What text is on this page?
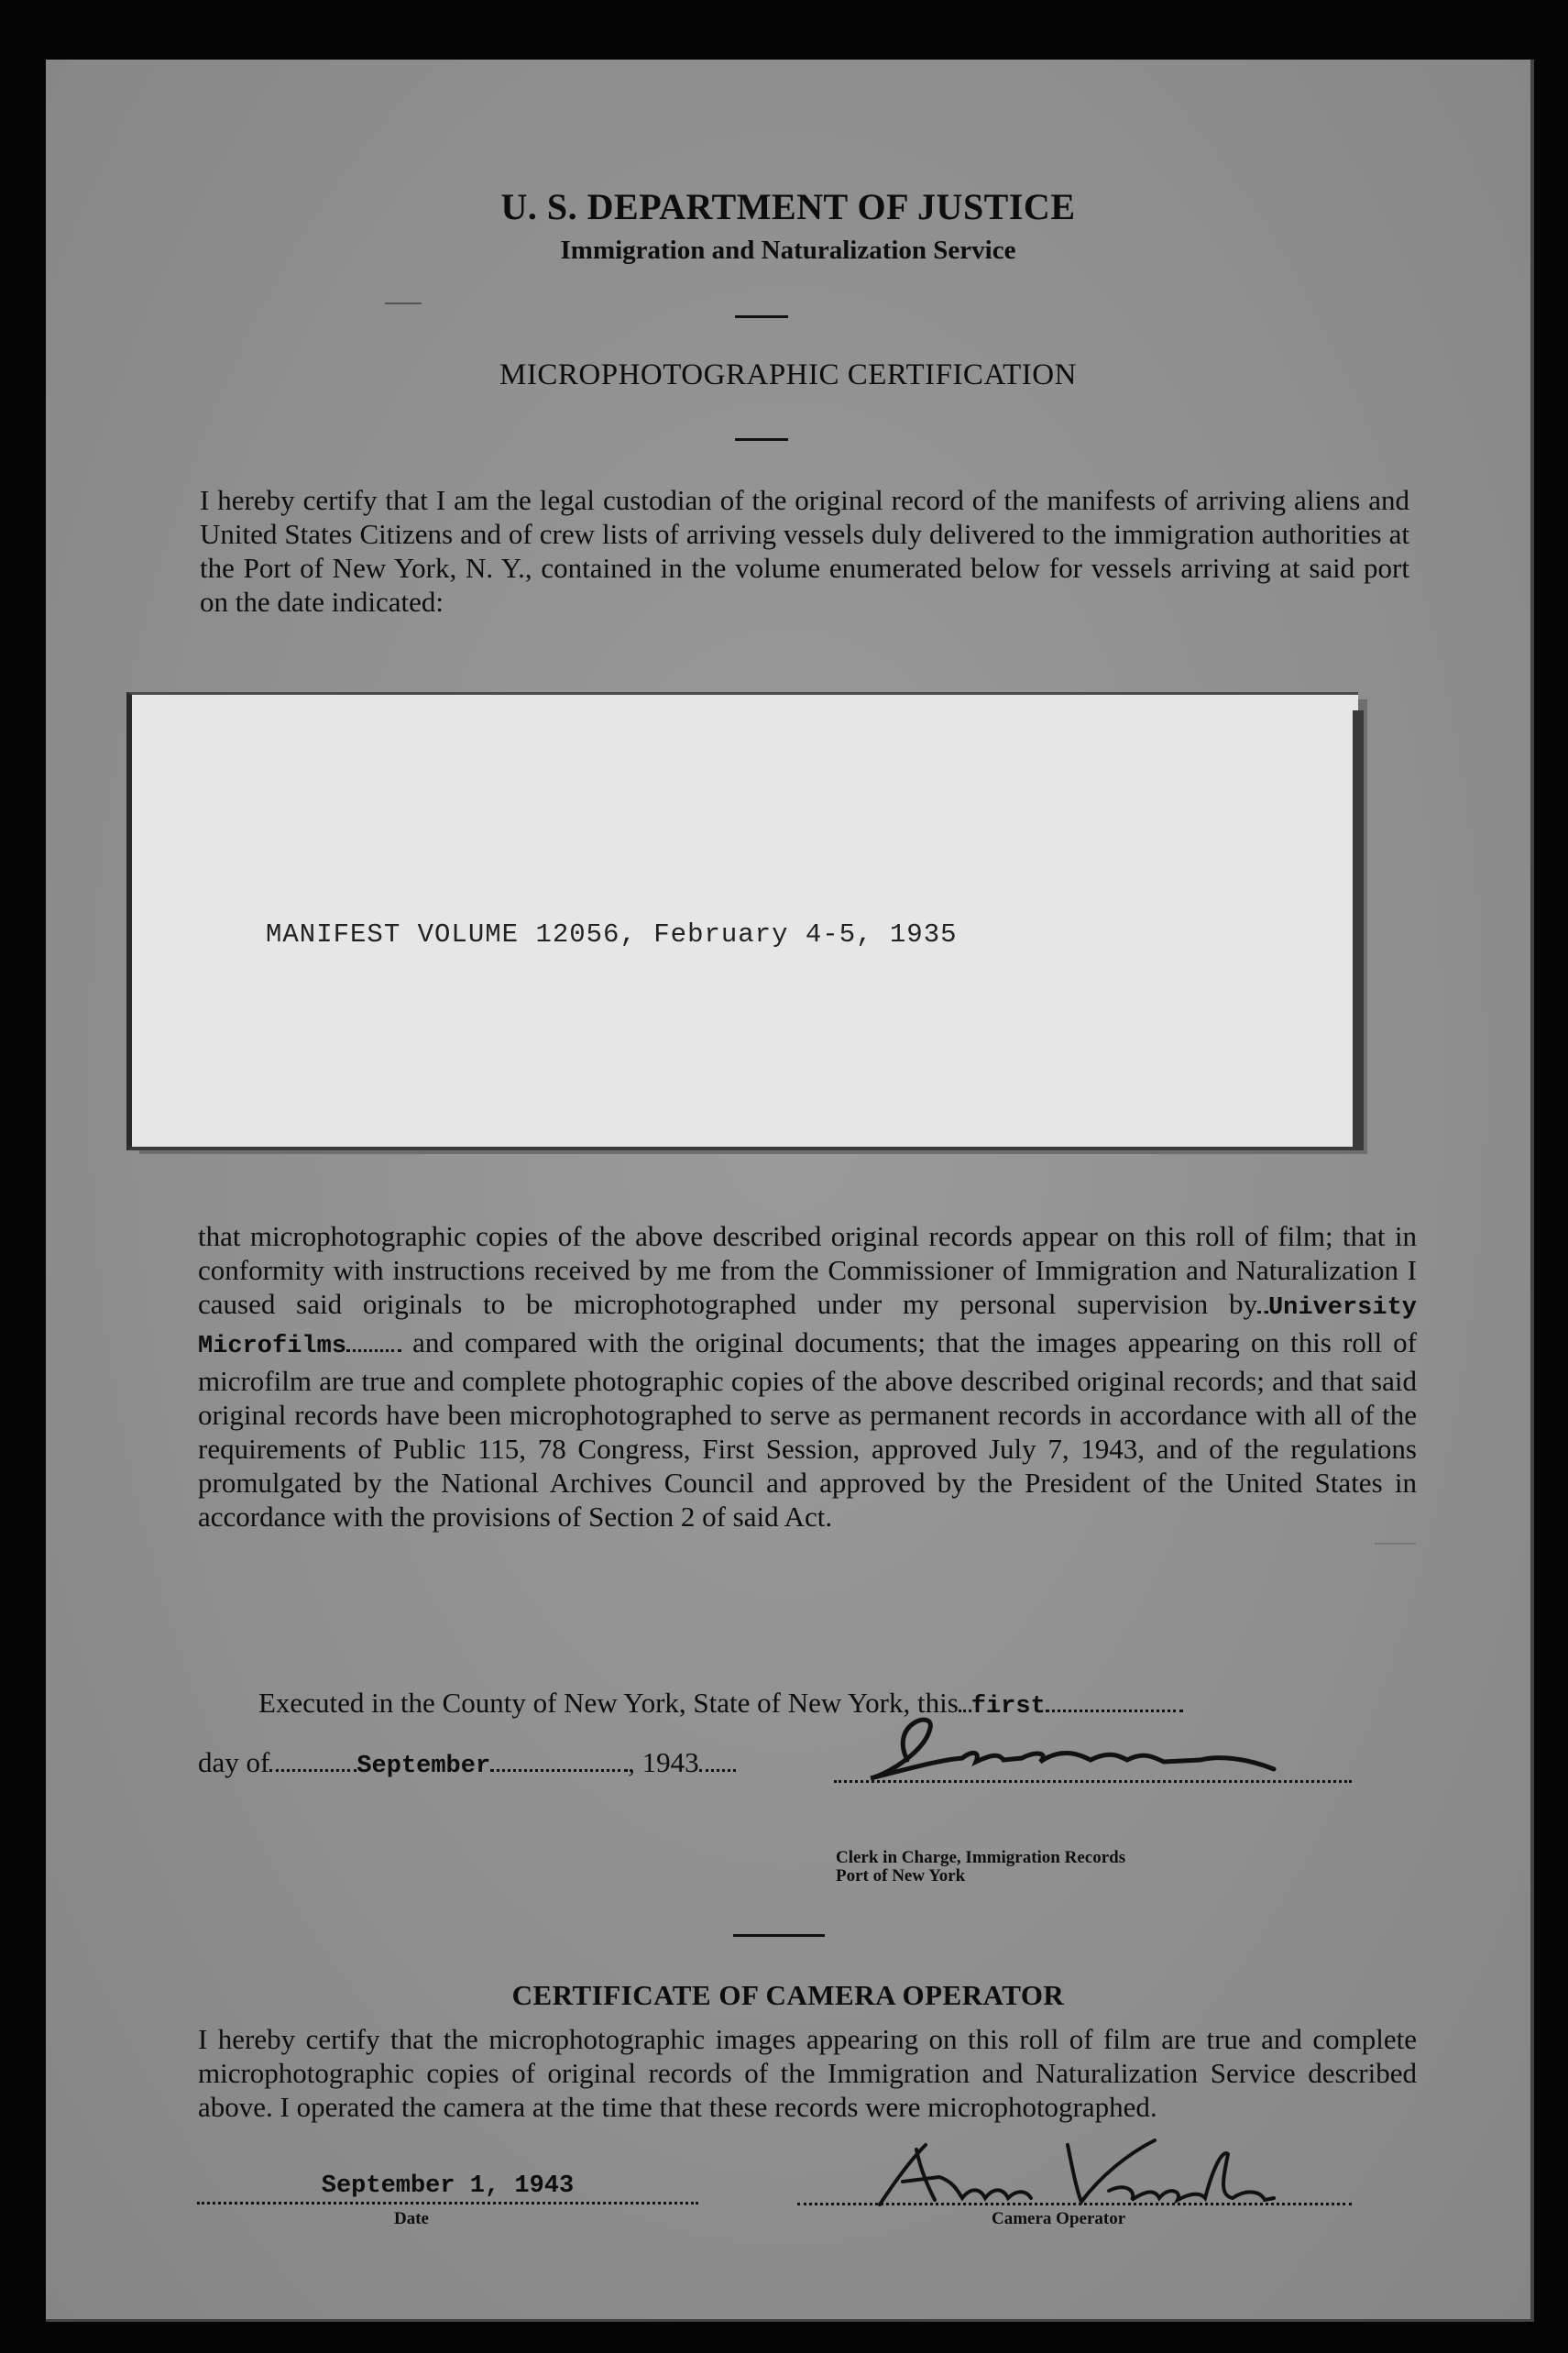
U. S. DEPARTMENT OF JUSTICE
Immigration and Naturalization Service
MICROPHOTOGRAPHIC CERTIFICATION
I hereby certify that I am the legal custodian of the original record of the manifests of arriving aliens and United States Citizens and of crew lists of arriving vessels duly delivered to the immigration authorities at the Port of New York, N. Y., contained in the volume enumerated below for vessels arriving at said port on the date indicated:
MANIFEST VOLUME 12056, February 4-5, 1935
that microphotographic copies of the above described original records appear on this roll of film; that in conformity with instructions received by me from the Commissioner of Immigration and Naturalization I caused said originals to be microphotographed under my personal supervision by University Microfilms and compared with the original documents; that the images appearing on this roll of microfilm are true and complete photographic copies of the above described original records; and that said original records have been microphotographed to serve as permanent records in accordance with all of the requirements of Public 115, 78 Congress, First Session, approved July 7, 1943, and of the regulations promulgated by the National Archives Council and approved by the President of the United States in accordance with the provisions of Section 2 of said Act.
Executed in the County of New York, State of New York, this first
day of	September	, 1943
Clerk in Charge, Immigration Records
Port of New York
CERTIFICATE OF CAMERA OPERATOR
I hereby certify that the microphotographic images appearing on this roll of film are true and complete microphotographic copies of original records of the Immigration and Naturalization Service described above. I operated the camera at the time that these records were microphotographed.
September 1, 1943
Date	Camera Operator
